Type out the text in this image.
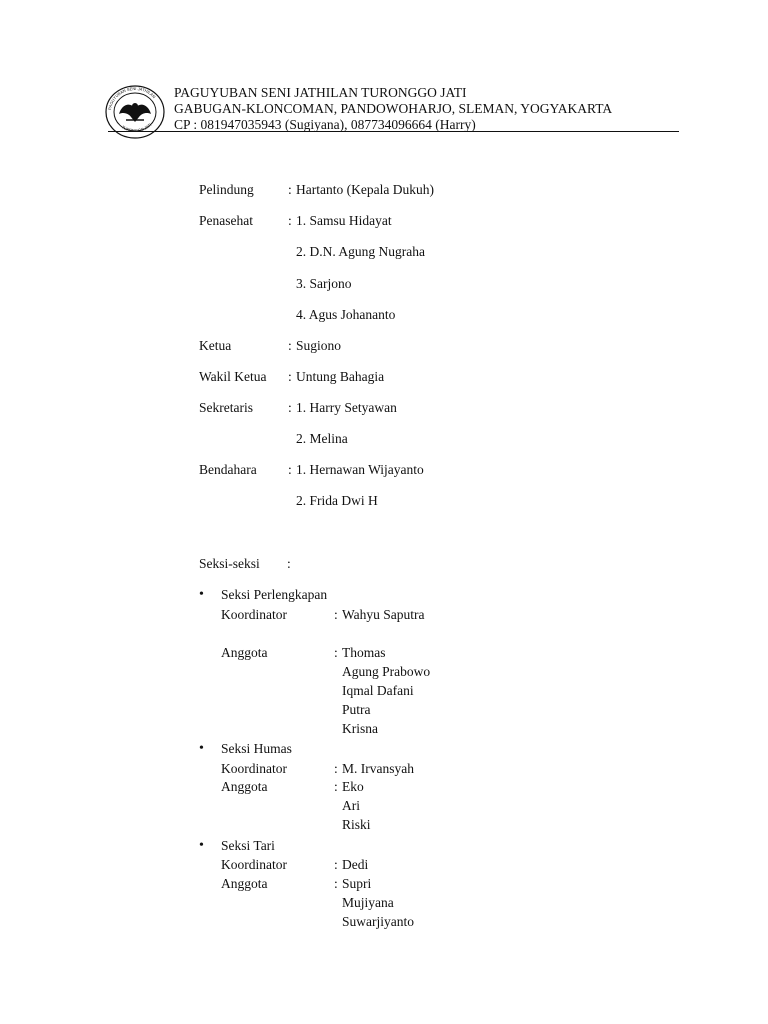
PAGUYUBAN SENI JATHILAN
TURONGGO JATI
PAGUYUBAN SENI JATHILAN TURONGGO JATI
GABUGAN-KLONCOMAN, PANDOWOHARJO, SLEMAN, YOGYAKARTA
CP : 081947035943 (Sugiyana), 087734096664 (Harry)
Pelindung	: Hartanto (Kepala Dukuh)
Penasehat	: 1. Samsu Hidayat
2. D.N. Agung Nugraha
3. Sarjono
4. Agus Johananto
Ketua	: Sugiono
Wakil Ketua : Untung Bahagia
Sekretaris	: 1. Harry Setyawan
2. Melina
Bendahara : 1. Hernawan Wijayanto
2. Frida Dwi H
Seksi-seksi :
• Seksi Perlengkapan
Koordinator	: Wahyu Saputra
Anggota	: Thomas
Agung Prabowo
Iqmal Dafani
Putra
Krisna
• Seksi Humas
Koordinator	: M. Irvansyah
Anggota	: Eko
Ari
Riski
• Seksi Tari
Koordinator	: Dedi
Anggota	: Supri
Mujiyana
Suwarjiyanto
